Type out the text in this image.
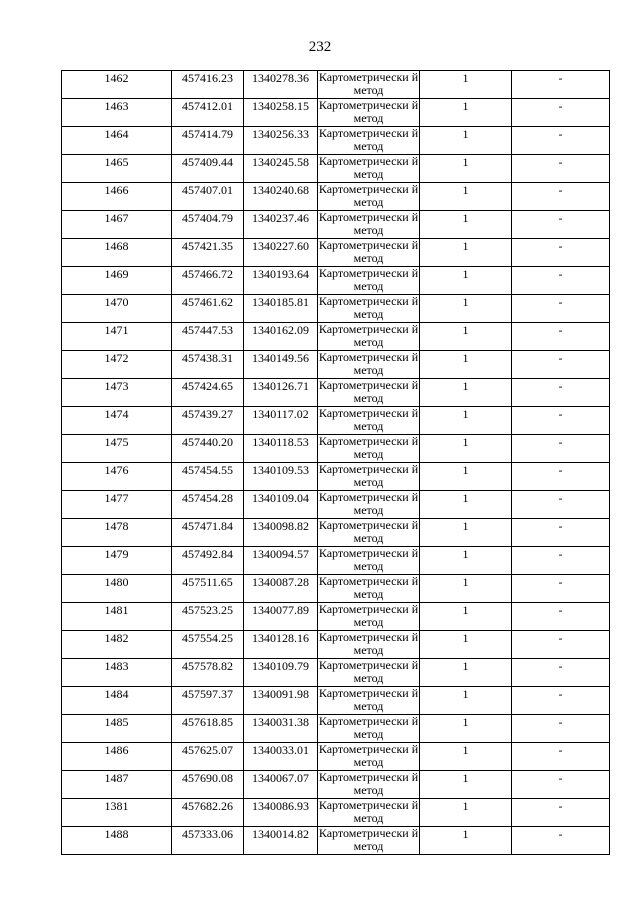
232
1462	457416.23	1340278.36	Картометрически й метод	1	-
1463	457412.01	1340258.15	Картометрически й метод	1	-
1464	457414.79	1340256.33	Картометрически й метод	1	-
1465	457409.44	1340245.58	Картометрически й метод	1	-
1466	457407.01	1340240.68	Картометрически й метод	1	-
1467	457404.79	1340237.46	Картометрически й метод	1	-
1468	457421.35	1340227.60	Картометрически й метод	1	-
1469	457466.72	1340193.64	Картометрически й метод	1	-
1470	457461.62	1340185.81	Картометрически й метод	1	-
1471	457447.53	1340162.09	Картометрически й метод	1	-
1472	457438.31	1340149.56	Картометрически й метод	1	-
1473	457424.65	1340126.71	Картометрически й метод	1	-
1474	457439.27	1340117.02	Картометрически й метод	1	-
1475	457440.20	1340118.53	Картометрически й метод	1	-
1476	457454.55	1340109.53	Картометрически й метод	1	-
1477	457454.28	1340109.04	Картометрически й метод	1	-
1478	457471.84	1340098.82	Картометрически й метод	1	-
1479	457492.84	1340094.57	Картометрически й метод	1	-
1480	457511.65	1340087.28	Картометрически й метод	1	-
1481	457523.25	1340077.89	Картометрически й метод	1	-
1482	457554.25	1340128.16	Картометрически й метод	1	-
1483	457578.82	1340109.79	Картометрически й метод	1	-
1484	457597.37	1340091.98	Картометрически й метод	1	-
1485	457618.85	1340031.38	Картометрически й метод	1	-
1486	457625.07	1340033.01	Картометрически й метод	1	-
1487	457690.08	1340067.07	Картометрически й метод	1	-
1381	457682.26	1340086.93	Картометрически й метод	1	-
1488	457333.06	1340014.82	Картометрически й метод	1	-
